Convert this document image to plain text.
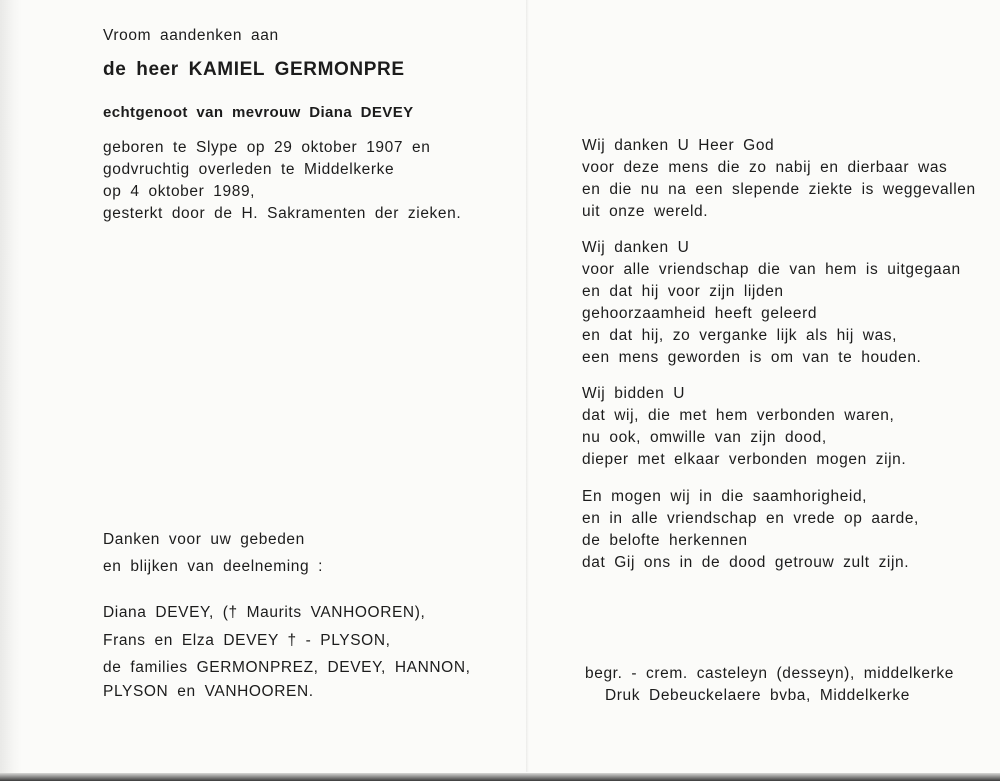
Vroom aandenken aan
de heer KAMIEL GERMONPRE
echtgenoot van mevrouw Diana DEVEY
geboren te Slype op 29 oktober 1907 en
godvruchtig overleden te Middelkerke
op 4 oktober 1989,
gesterkt door de H. Sakramenten der zieken.
Danken voor uw gebeden
en blijken van deelneming :
Diana DEVEY, († Maurits VANHOOREN),
Frans en Elza DEVEY † - PLYSON,
de families GERMONPREZ, DEVEY, HANNON,
PLYSON en VANHOOREN.
Wij danken U Heer God
voor deze mens die zo nabij en dierbaar was
en die nu na een slepende ziekte is weggevallen
uit onze wereld.
Wij danken U
voor alle vriendschap die van hem is uitgegaan
en dat hij voor zijn lijden
gehoorzaamheid heeft geleerd
en dat hij, zo verganke lijk als hij was,
een mens geworden is om van te houden.
Wij bidden U
dat wij, die met hem verbonden waren,
nu ook, omwille van zijn dood,
dieper met elkaar verbonden mogen zijn.
En mogen wij in die saamhorigheid,
en in alle vriendschap en vrede op aarde,
de belofte herkennen
dat Gij ons in de dood getrouw zult zijn.
begr. - crem. casteleyn (desseyn), middelkerke
Druk Debeuckelaere bvba, Middelkerke
